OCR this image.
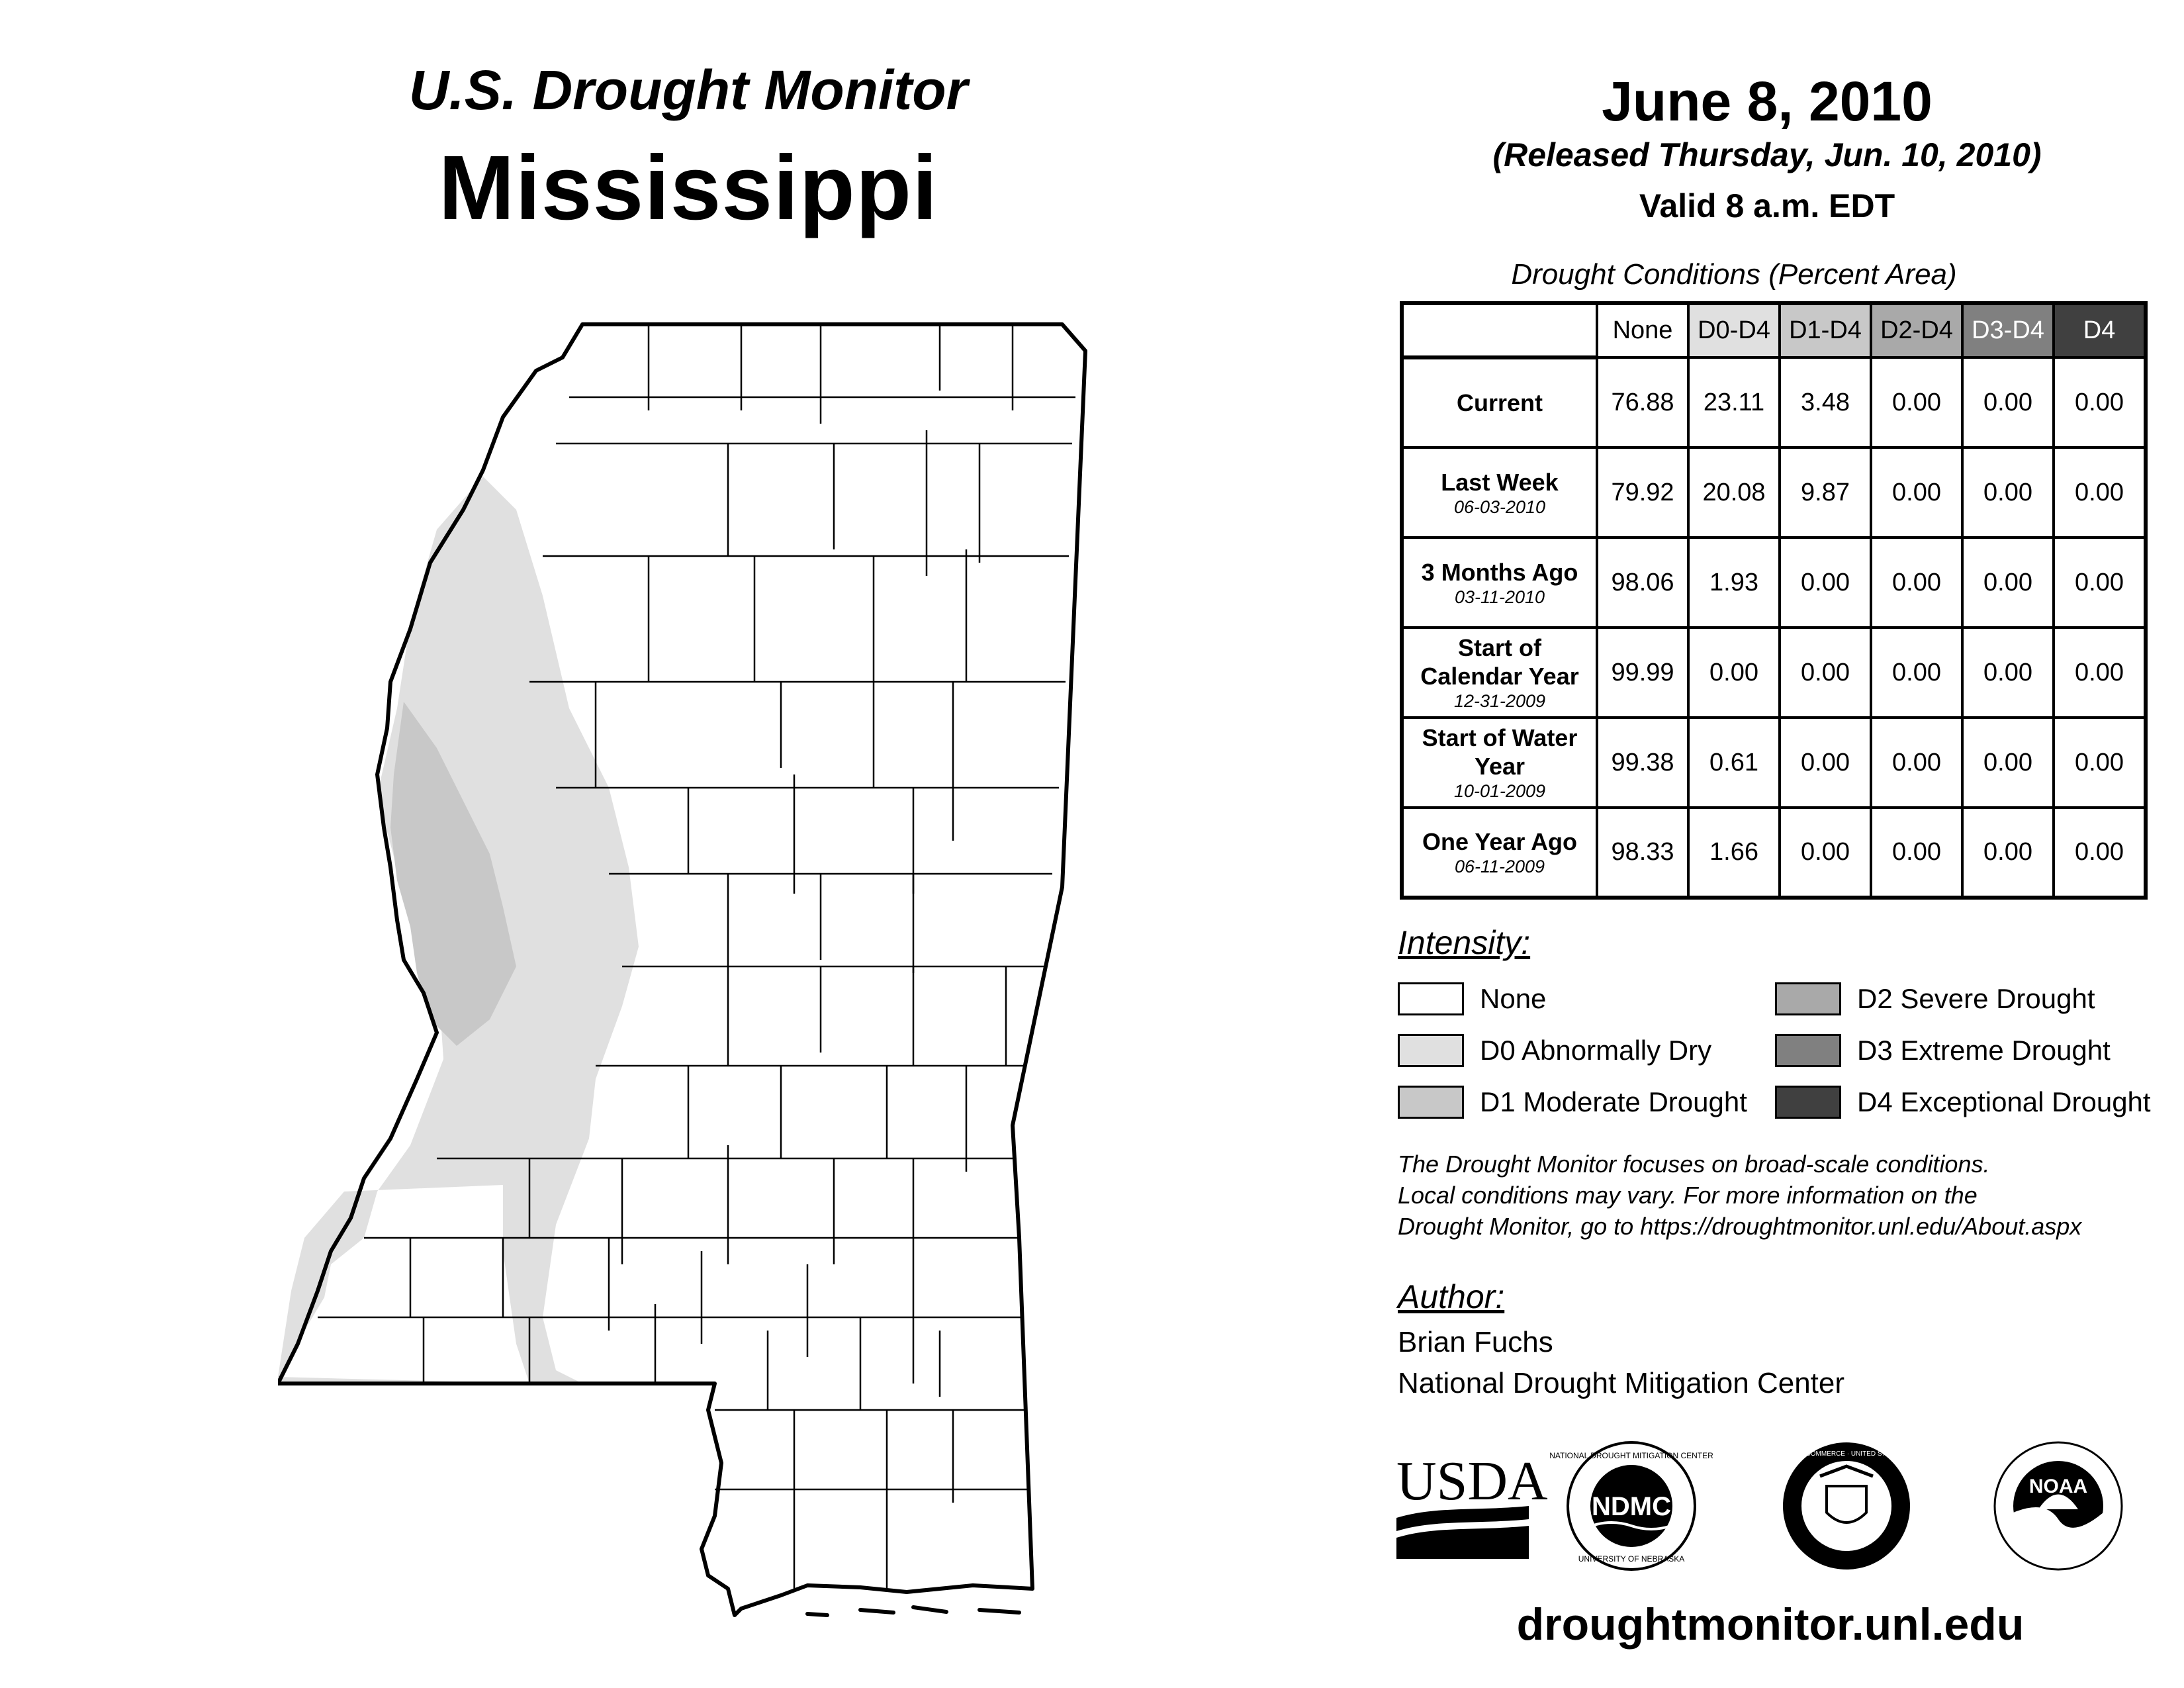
U.S. Drought Monitor
Mississippi
June 8, 2010
(Released Thursday, Jun. 10, 2010)
Valid 8 a.m. EDT
Drought Conditions (Percent Area)
	None	D0-D4	D1-D4	D2-D4	D3-D4	D4

Current	76.88	23.11	3.48	0.00	0.00	0.00

Last Week
06-03-2010	79.92	20.08	9.87	0.00	0.00	0.00

3 Months Ago
03-11-2010	98.06	1.93	0.00	0.00	0.00	0.00

Start of Calendar Year
12-31-2009	99.99	0.00	0.00	0.00	0.00	0.00

Start of Water Year
10-01-2009	99.38	0.61	0.00	0.00	0.00	0.00

One Year Ago
06-11-2009	98.33	1.66	0.00	0.00	0.00	0.00
Intensity:
None
D0 Abnormally Dry
D1 Moderate Drought
D2 Severe Drought
D3 Extreme Drought
D4 Exceptional Drought
The Drought Monitor focuses on broad-scale conditions.
Local conditions may vary. For more information on the
Drought Monitor, go to https://droughtmonitor.unl.edu/About.aspx
Author:
Brian Fuchs
National Drought Mitigation Center
USDA NDMC
NATIONAL DROUGHT MITIGATION CENTER
UNIVERSITY OF NEBRASKA
DEPARTMENT OF COMMERCE · UNITED STATES OF AMERICA
NOAA
droughtmonitor.unl.edu
